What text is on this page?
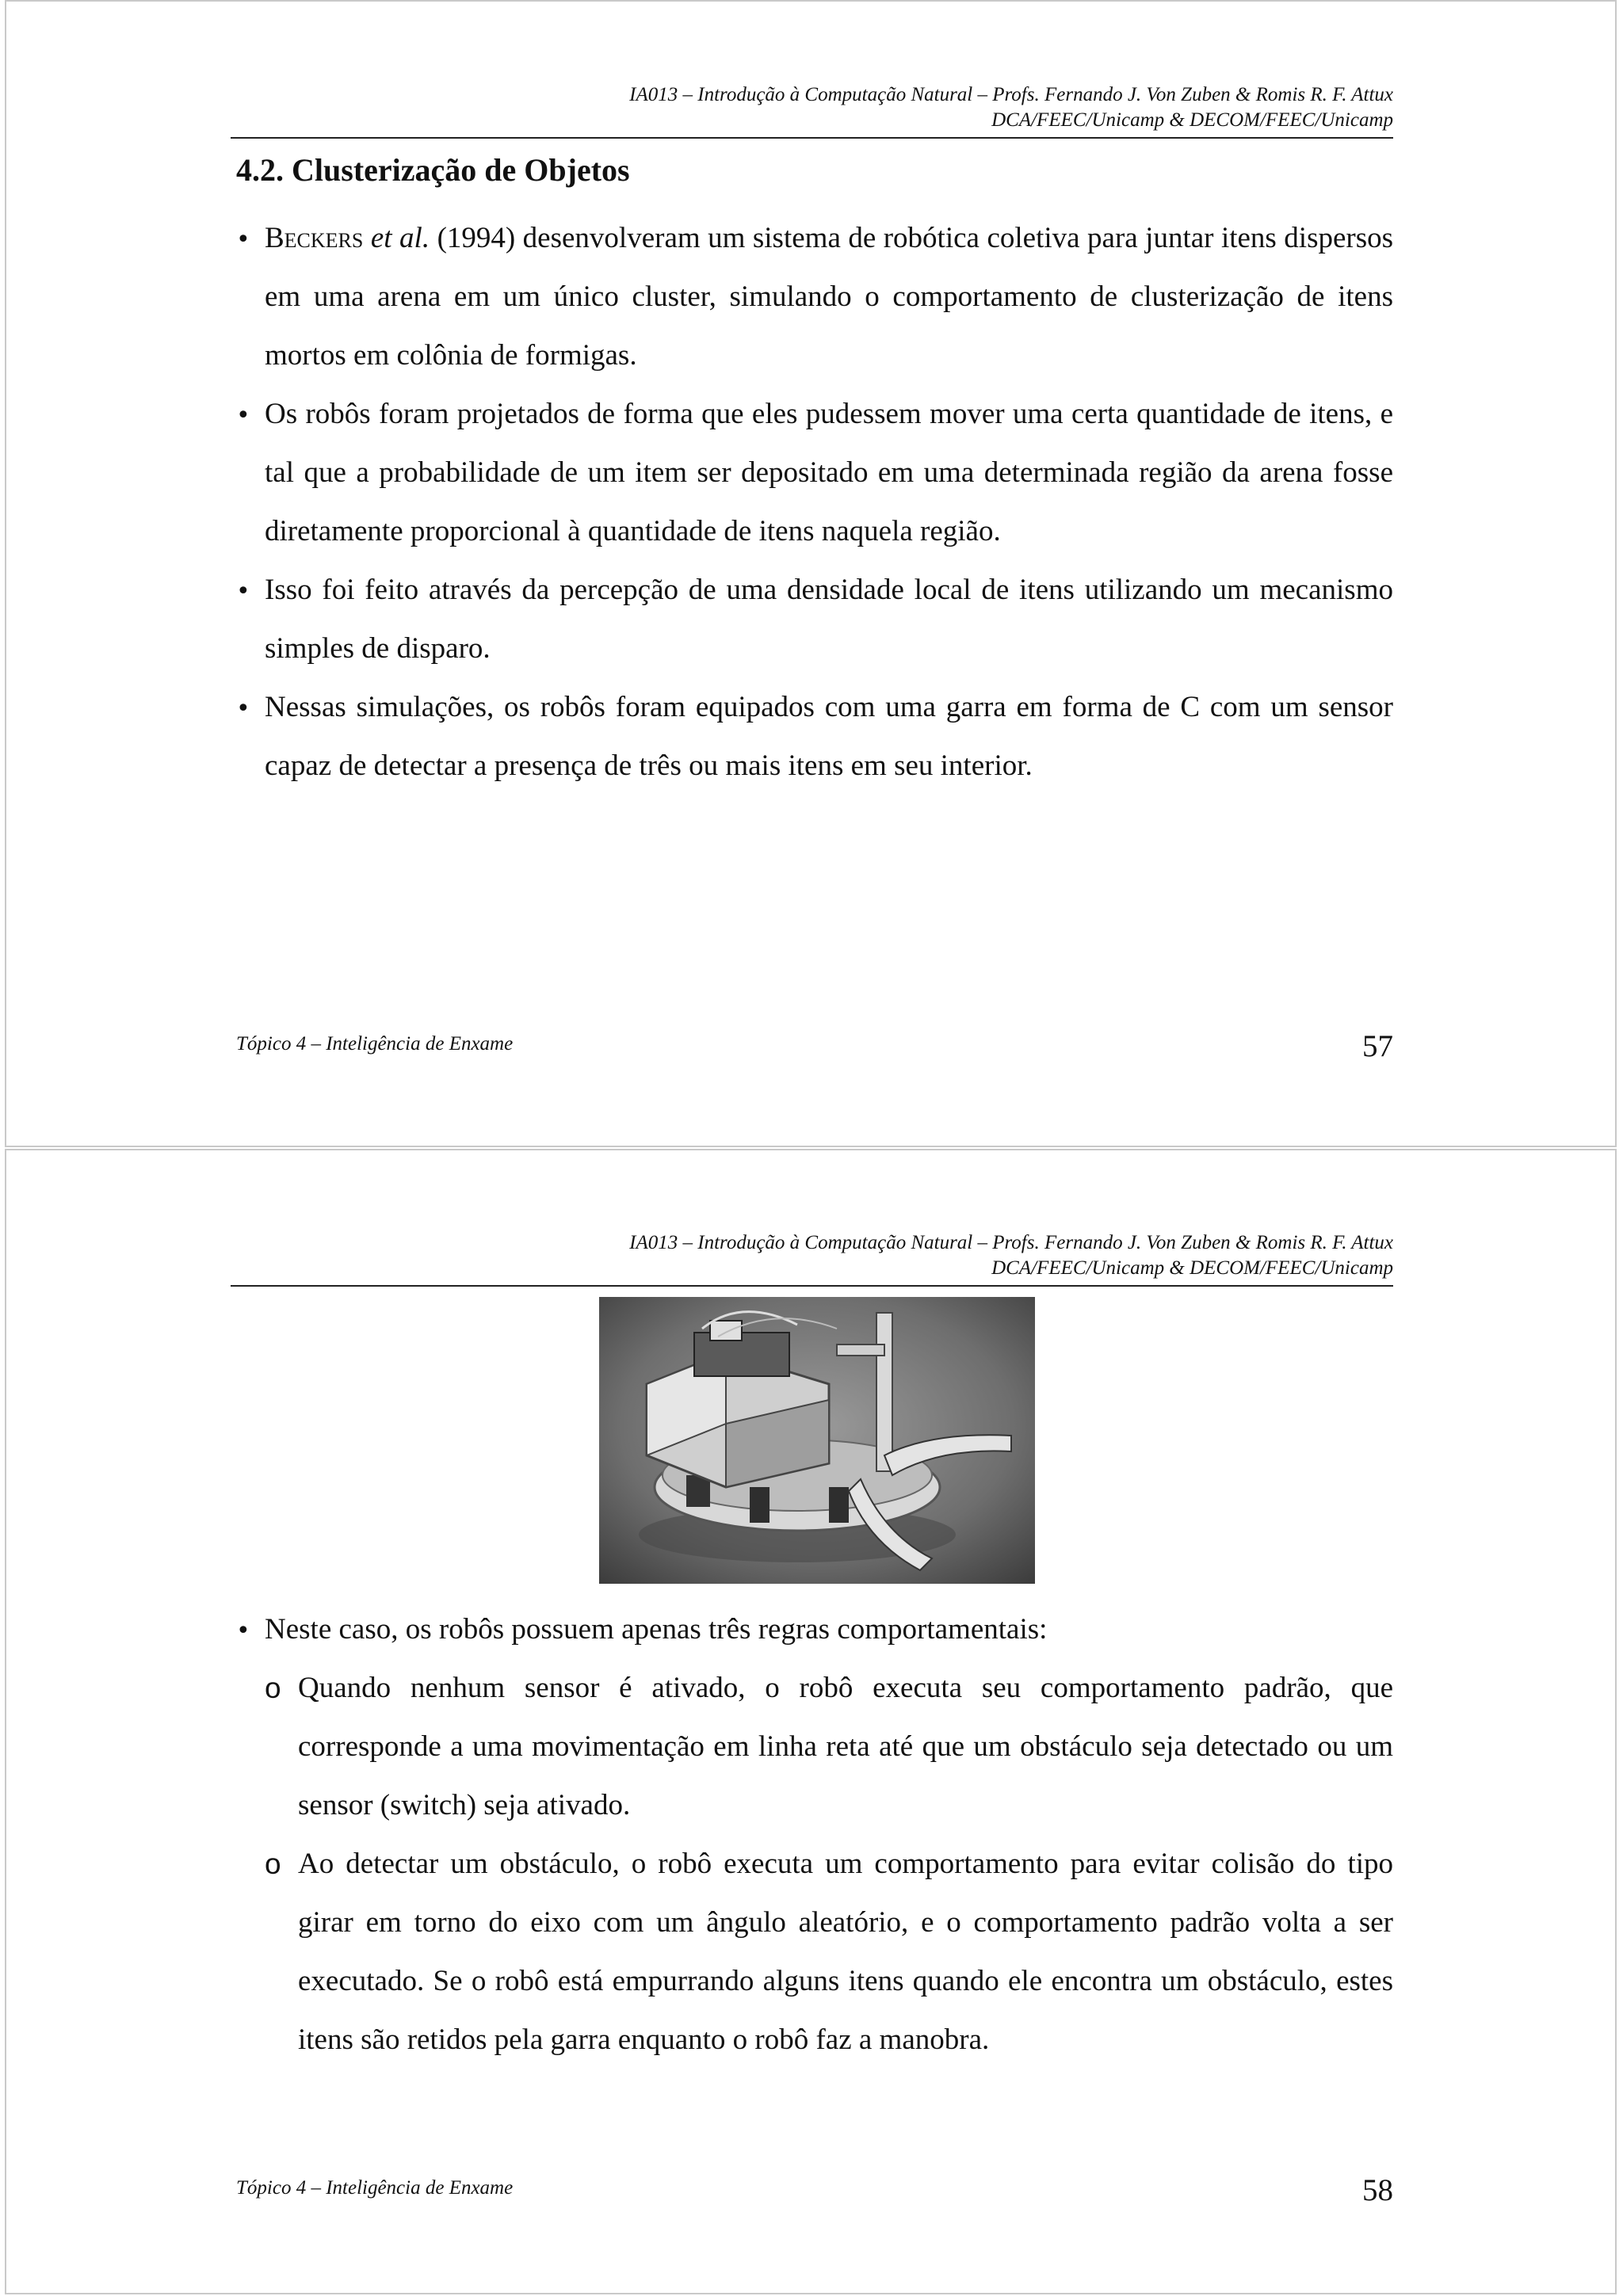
IA013 – Introdução à Computação Natural – Profs. Fernando J. Von Zuben & Romis R. F. Attux
DCA/FEEC/Unicamp & DECOM/FEEC/Unicamp
4.2. Clusterização de Objetos
•
Beckers et al. (1994) desenvolveram um sistema de robótica coletiva para juntar itens dispersos em uma arena em um único cluster, simulando o comportamento de clusterização de itens mortos em colônia de formigas.
•
Os robôs foram projetados de forma que eles pudessem mover uma certa quantidade de itens, e tal que a probabilidade de um item ser depositado em uma determinada região da arena fosse diretamente proporcional à quantidade de itens naquela região.
•
Isso foi feito através da percepção de uma densidade local de itens utilizando um mecanismo simples de disparo.
•
Nessas simulações, os robôs foram equipados com uma garra em forma de C com um sensor capaz de detectar a presença de três ou mais itens em seu interior.
Tópico 4 – Inteligência de Enxame	57
IA013 – Introdução à Computação Natural – Profs. Fernando J. Von Zuben & Romis R. F. Attux
DCA/FEEC/Unicamp & DECOM/FEEC/Unicamp
•
Neste caso, os robôs possuem apenas três regras comportamentais:
o Quando nenhum sensor é ativado, o robô executa seu comportamento padrão, que corresponde a uma movimentação em linha reta até que um obstáculo seja detectado ou um sensor (switch) seja ativado.
o Ao detectar um obstáculo, o robô executa um comportamento para evitar colisão do tipo girar em torno do eixo com um ângulo aleatório, e o comportamento padrão volta a ser executado. Se o robô está empurrando alguns itens quando ele encontra um obstáculo, estes itens são retidos pela garra enquanto o robô faz a manobra.
Tópico 4 – Inteligência de Enxame	58
